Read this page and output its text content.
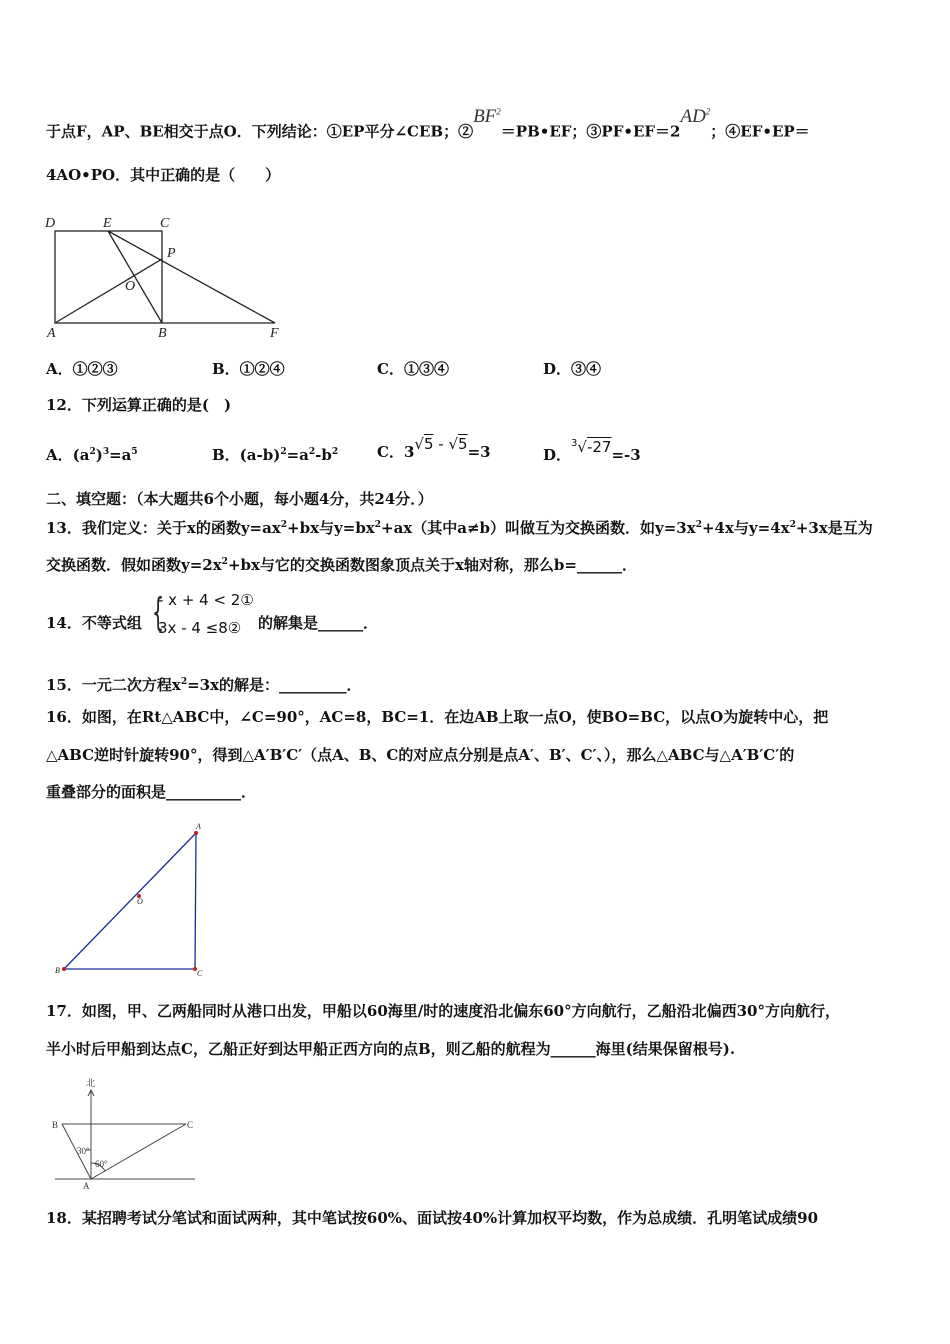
于点F，AP、BE相交于点O．下列结论：①EP平分∠CEB；$②BF^2=PB•EF$；$③PF•EF=2AD^2$；④EF•EP＝
4AO•PO．其中正确的是（　　）
D	E	C
P
O
A	B	F
A
O
B	C
北
B	C
30°
60°
A
A．①②③	B．①②④	C．①③④	D．③④
12．下列运算正确的是(　)
A．$(a^2)^3=a^5$	B．$(a-b)^2=a^2-b^2$	C．3√5 - √5=3	D．$^3$√-27=-3
二、填空题：（本大题共6个小题，每小题4分，共24分．）
13．我们定义：关于x的函数$y=ax^2+bx$与$y=bx^2+ax$（其中a≠b）叫做互为交换函数．如$y=3x^2+4x$与$y=4x^2+3x$是互为
交换函数．假如函数$y=2x^2+bx$与它的交换函数图象顶点关于x轴对称，那么b=______．
14．不等式组 {
- x + 4 < 2①
3x - 4 ≤8② 的解集是______．
15．一元二次方程$x^2=3x$的解是：_________．
16．如图，在Rt△ABC中，∠C=90°，AC=8，BC=1．在边AB上取一点O，使BO=BC，以点O为旋转中心，把
△ABC逆时针旋转90°，得到△A′B′C′（点A、B、C的对应点分别是点A′、B′、C′、），那么△ABC与△A′B′C′的
重叠部分的面积是__________．
17．如图，甲、乙两船同时从港口出发，甲船以60海里/时的速度沿北偏东60°方向航行，乙船沿北偏西30°方向航行，
半小时后甲船到达点C，乙船正好到达甲船正西方向的点B，则乙船的航程为______海里(结果保留根号).
18．某招聘考试分笔试和面试两种，其中笔试按60%、面试按40%计算加权平均数，作为总成绩．孔明笔试成绩90
